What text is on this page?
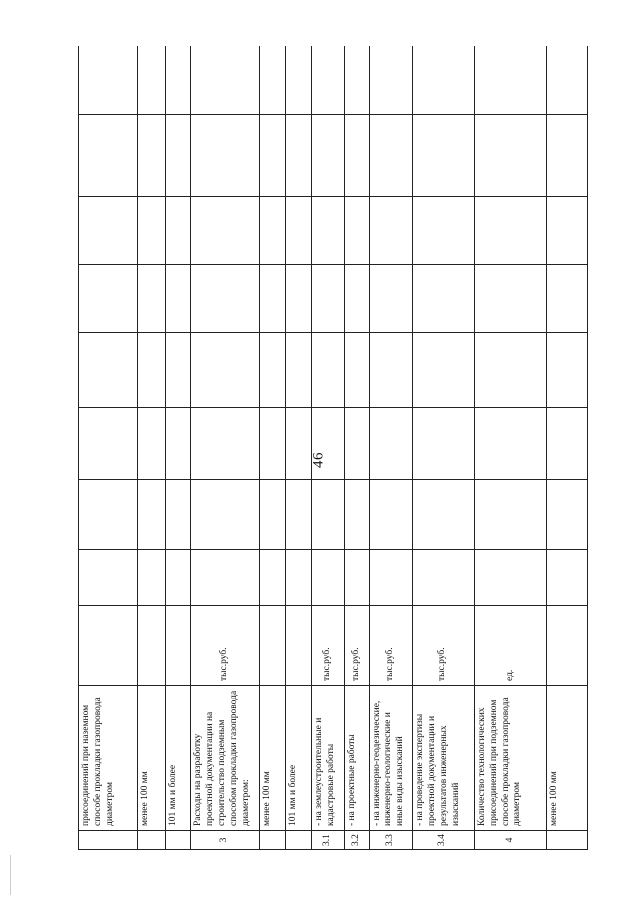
46
	присоединений при наземном способе прокладки газопровода диаметром									
	менее 100 мм									
	101 мм и более									
3	Расходы на разработку проектной документации на строительство подземным способом прокладки газопровода диаметром:	тыс.руб.								
	менее 100 мм									
	101 мм и более									
3.1	- на землеустроительные и кадастровые работы	тыс.руб.								
3.2	- на проектные работы	тыс.руб.								
3.3	- на инженерно-геодезические, инженерно-геологические и иные виды изысканий	тыс.руб.								
3.4	- на проведение экспертизы проектной документации и результатов инженерных изысканий	тыс.руб.								
4	Количество технологических присоединений при подземном способе прокладки газопровода диаметром	ед.								
	менее 100 мм									
